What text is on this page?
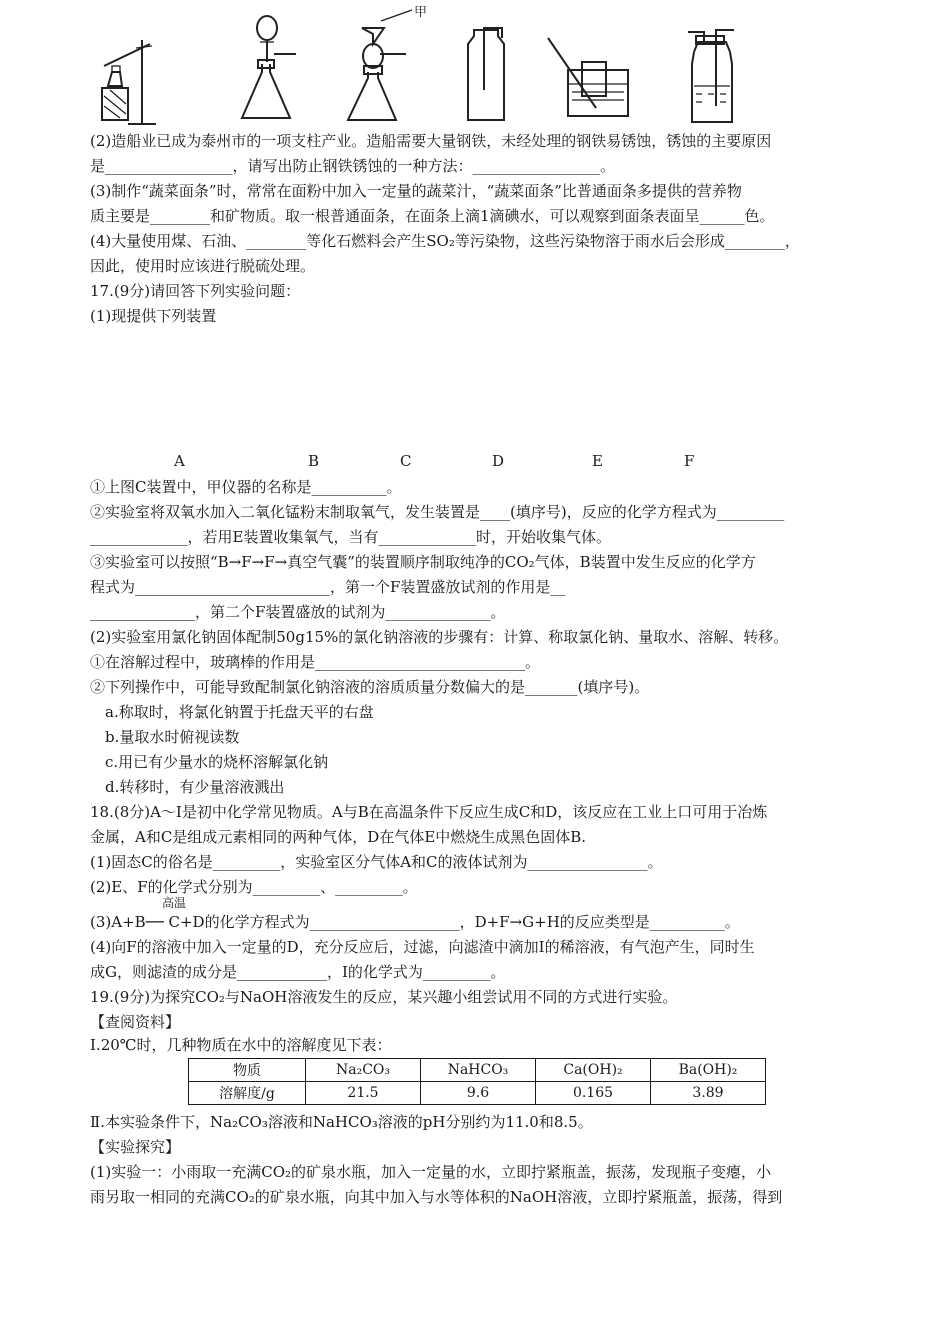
甲
(2)造船业已成为泰州市的一项支柱产业。造船需要大量钢铁，未经处理的钢铁易锈蚀，锈蚀的主要原因
是_________________，请写出防止钢铁锈蚀的一种方法：_________________。
(3)制作“蔬菜面条”时，常常在面粉中加入一定量的蔬菜汁，“蔬菜面条”比普通面条多提供的营养物
质主要是________和矿物质。取一根普通面条，在面条上滴1滴碘水，可以观察到面条表面呈______色。
(4)大量使用煤、石油、________等化石燃料会产生SO₂等污染物，这些污染物溶于雨水后会形成________，
因此，使用时应该进行脱硫处理。
17.(9分)请回答下列实验问题：
(1)现提供下列装置
A	B	C	D	E	F
①上图C装置中，甲仪器的名称是__________。
②实验室将双氧水加入二氧化锰粉末制取氧气，发生装置是____(填序号)，反应的化学方程式为_________
_____________，若用E装置收集氧气，当有_____________时，开始收集气体。
③实验室可以按照“B→F→F→真空气囊”的装置顺序制取纯净的CO₂气体，B装置中发生反应的化学方
程式为__________________________，第一个F装置盛放试剂的作用是__
______________，第二个F装置盛放的试剂为______________。
(2)实验室用氯化钠固体配制50g15%的氯化钠溶液的步骤有：计算、称取氯化钠、量取水、溶解、转移。
①在溶解过程中，玻璃棒的作用是____________________________。
②下列操作中，可能导致配制氯化钠溶液的溶质质量分数偏大的是_______(填序号)。
a.称取时，将氯化钠置于托盘天平的右盘
b.量取水时俯视读数
c.用已有少量水的烧杯溶解氯化钠
d.转移时，有少量溶液溅出
18.(8分)A～I是初中化学常见物质。A与B在高温条件下反应生成C和D，该反应在工业上口可用于冶炼
金属，A和C是组成元素相同的两种气体，D在气体E中燃烧生成黑色固体B.
(1)固态C的俗名是_________，实验室区分气体A和C的液体试剂为________________。
(2)E、F的化学式分别为_________、_________。
高温
(3)A+B── C+D的化学方程式为____________________，D+F→G+H的反应类型是__________。
(4)向F的溶液中加入一定量的D，充分反应后，过滤，向滤渣中滴加I的稀溶液，有气泡产生，同时生
成G，则滤渣的成分是____________，I的化学式为_________。
19.(9分)为探究CO₂与NaOH溶液发生的反应，某兴趣小组尝试用不同的方式进行实验。
【查阅资料】
Ⅰ.20℃时，几种物质在水中的溶解度见下表：
物质	Na₂CO₃	NaHCO₃	Ca(OH)₂	Ba(OH)₂
溶解度/g	21.5	9.6	0.165	3.89
Ⅱ.本实验条件下，Na₂CO₃溶液和NaHCO₃溶液的pH分别约为11.0和8.5。
【实验探究】
(1)实验一：小雨取一充满CO₂的矿泉水瓶，加入一定量的水，立即拧紧瓶盖，振荡，发现瓶子变瘪，小
雨另取一相同的充满CO₂的矿泉水瓶，向其中加入与水等体积的NaOH溶液，立即拧紧瓶盖，振荡，得到
